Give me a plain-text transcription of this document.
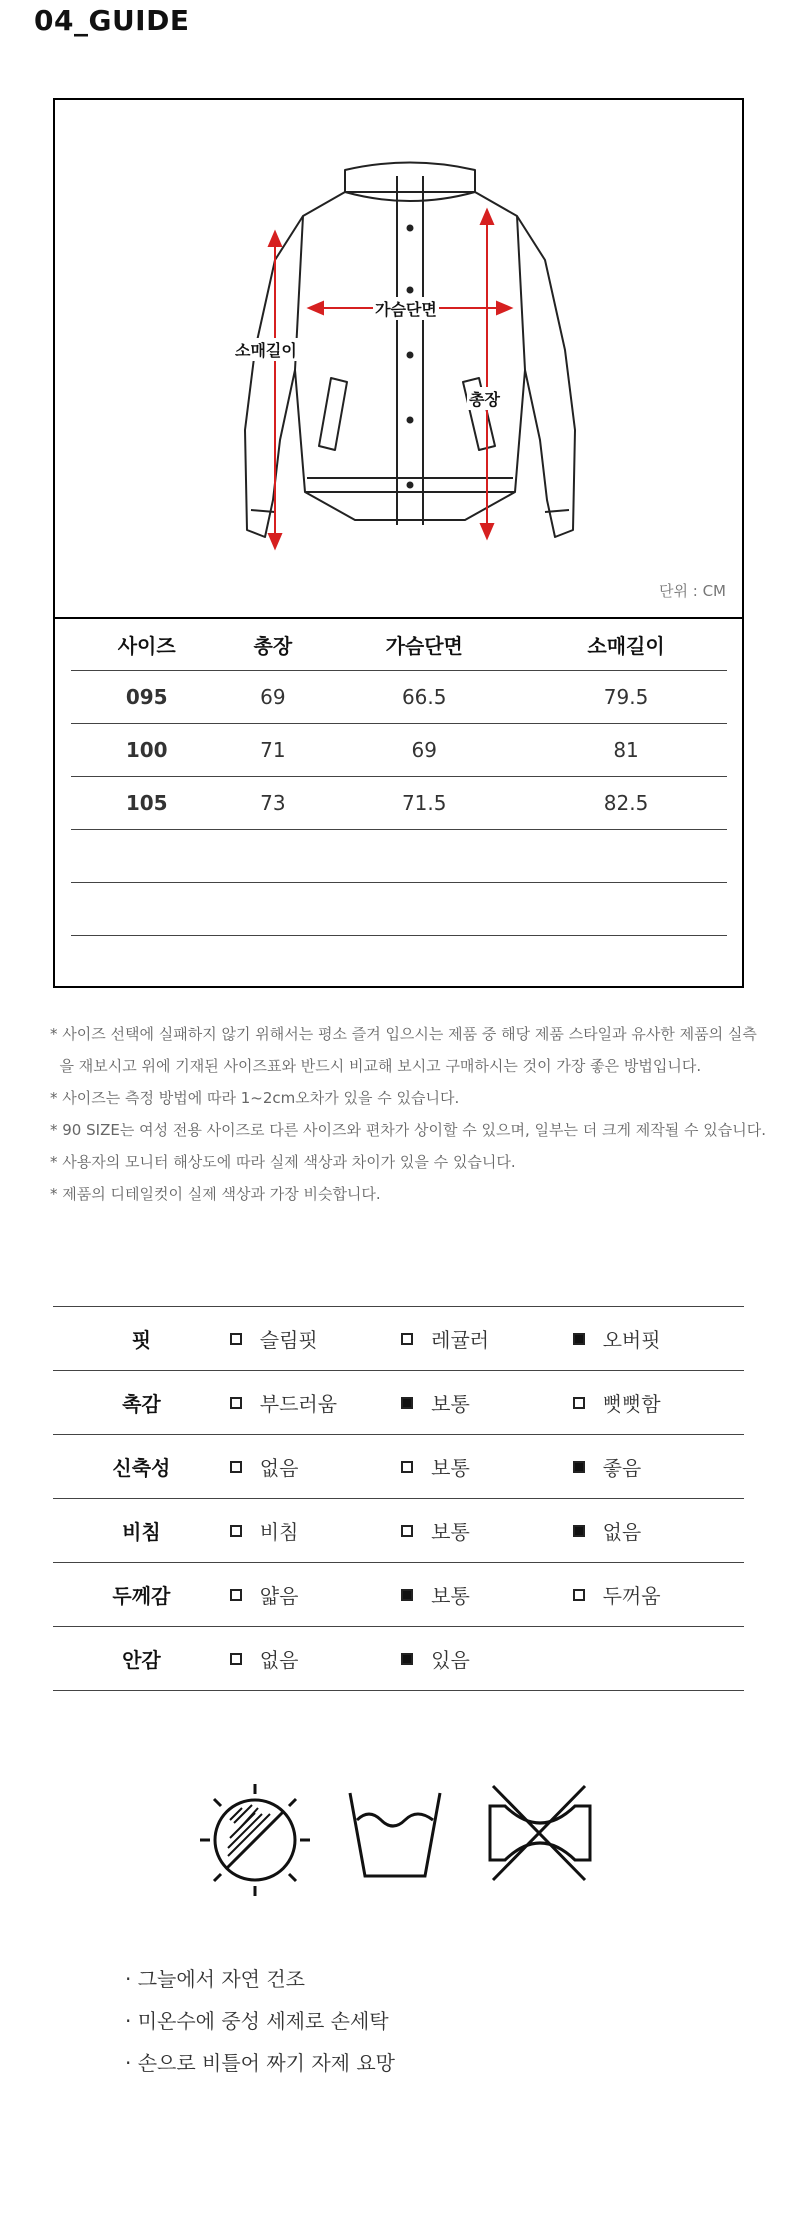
04_GUIDE
가슴단면
소매길이
총장
단위 : CM
사이즈	총장	가슴단면	소매길이
095	69	66.5	79.5
100	71	69	81
105	73	71.5	82.5

* 사이즈 선택에 실패하지 않기 위해서는 평소 즐겨 입으시는 제품 중 해당 제품 스타일과 유사한 제품의 실측

을 재보시고 위에 기재된 사이즈표와 반드시 비교해 보시고 구매하시는 것이 가장 좋은 방법입니다.

* 사이즈는 측정 방법에 따라 1~2cm오차가 있을 수 있습니다.

* 90 SIZE는 여성 전용 사이즈로 다른 사이즈와 편차가 상이할 수 있으며, 일부는 더 크게 제작될 수 있습니다.

* 사용자의 모니터 해상도에 따라 실제 색상과 차이가 있을 수 있습니다.

* 제품의 디테일컷이 실제 색상과 가장 비슷합니다.

핏	슬림핏	레귤러	오버핏

촉감	부드러움	보통	뻣뻣함

신축성	없음	보통	좋음

비침	비침	보통	없음

두께감	얇음	보통	두꺼움

안감	없음	있음	

· 그늘에서 자연 건조

· 미온수에 중성 세제로 손세탁

· 손으로 비틀어 짜기 자제 요망
